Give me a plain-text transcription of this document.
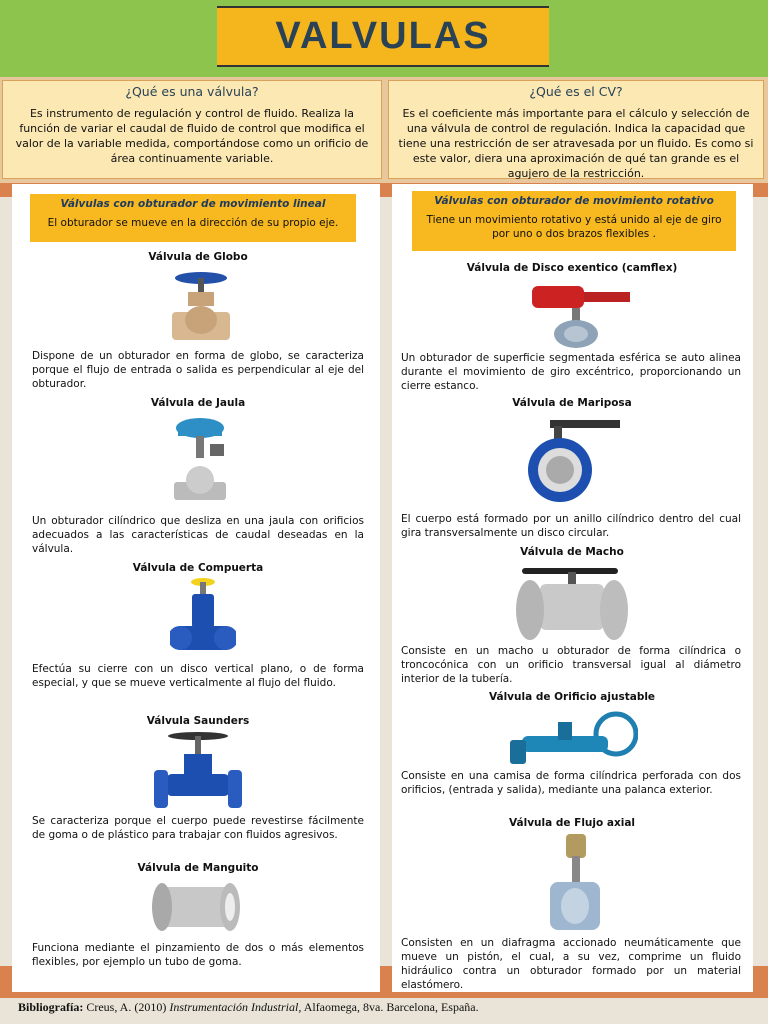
VALVULAS
¿Qué es una válvula?
Es instrumento de regulación y control de fluido. Realiza la función de variar el caudal de fluido de control que modifica el valor de la variable medida, comportándose como un orificio de área continuamente variable.
¿Qué es el CV?
Es el coeficiente más importante para el cálculo y selección de una válvula de control de regulación. Indica la capacidad que tiene una restricción de ser atravesada por un fluido. Es como si este valor, diera una aproximación de qué tan grande es el agujero de la restricción.
Válvulas con obturador de movimiento lineal
El obturador se mueve en la dirección de su propio eje.
Válvula de Globo
Dispone de un obturador en forma de globo, se caracteriza porque el flujo de entrada o salida es perpendicular al eje del obturador.
Válvula de Jaula
Un obturador cilíndrico que desliza en una jaula con orificios adecuados a las características de caudal deseadas en la válvula.
Válvula de Compuerta
Efectúa su cierre con un disco vertical plano, o de forma especial, y que se mueve verticalmente al flujo del fluido.
Válvula Saunders
Se caracteriza porque el cuerpo puede revestirse fácilmente de goma o de plástico para trabajar con fluidos agresivos.
Válvula de Manguito
Funciona mediante el pinzamiento de dos o más elementos flexibles, por ejemplo un tubo de goma.
Válvulas con obturador de movimiento rotativo
Tiene un movimiento rotativo y está unido al eje de giro por uno o dos brazos flexibles .
Válvula de Disco exentico (camflex)
Un obturador de superficie segmentada esférica se auto alinea durante el movimiento de giro excéntrico, proporcionando un cierre estanco.
Válvula de Mariposa
El cuerpo está formado por un anillo cilíndrico dentro del cual gira transversalmente un disco circular.
Válvula de Macho
Consiste en un macho u obturador de forma cilíndrica o troncocónica con un orificio transversal igual al diámetro interior de la tubería.
Válvula de Orificio ajustable
Consiste en una camisa de forma cilíndrica perforada con dos orificios, (entrada y salida), mediante una palanca exterior.
Válvula de Flujo axial
Consisten en un diafragma accionado neumáticamente que mueve un pistón, el cual, a su vez, comprime un fluido hidráulico contra un obturador formado por un material elastómero.
Bibliografía: Creus, A. (2010) Instrumentación Industrial, Alfaomega, 8va. Barcelona, España.
